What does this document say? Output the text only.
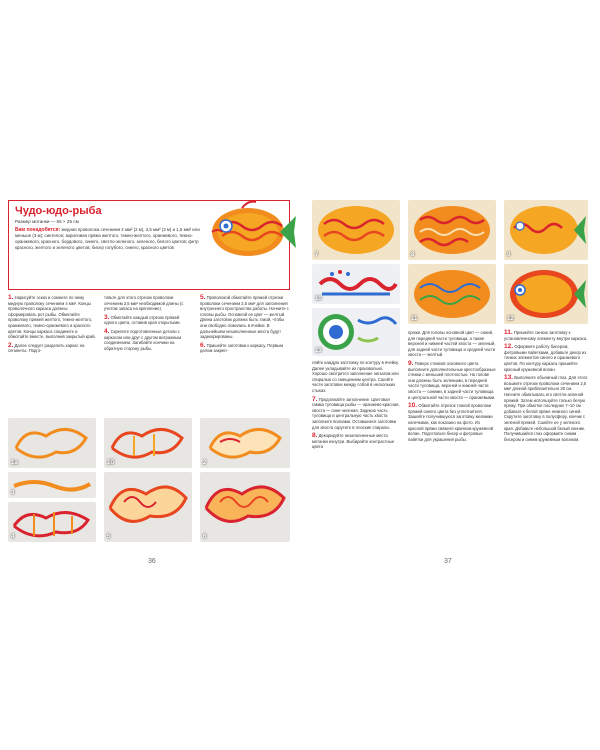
Чудо-юдо-рыба
Размер мотанки — 55 × 25 см
Вам понадобятся: медная проволока сечением 4 мм² (2 м), 2,5 мм² (3 м) и 1,5 мм² или меньше (3 м); синтепон; акриловая пряжа желтого, темно-желтого, оранжевого, темно-оранжевого, красного, бордового, синего, светло-зеленого, зеленого, белого цветов; фетр красного, желтого и зеленого цветов; бисер голубого, синего, красного цветов

1. Нарисуйте эскиз и сомните по нему медную проволоку сечением 4 мм². Концы проволочного каркаса должны сформировать рот рыбы. Обмотайте проволоку пряжей желтого, темно-желтого, оранжевого, темно-оранжевого и красного цветов. Концы каркаса соедините и обмотайте вместе, выполнив закрытый край.

2. Далее следует разделить каркас на сегменты. Подго-

товьте для этого отрезок проволоки сечением 2,5 мм² необходимой длины (с учетом запаса на крепление).

3. Обмотайте каждый отрезок пряжей одного цвета, оставив края открытыми.

4. Скрепите подготовленные детали с каркасом или друг с другом витражным соединением. Загибайте кончики на обратную сторону рыбы.

5. Проволокой обмотайте пряжей отрезки проволоки сечением 2,5 мм² для заполнения внутреннего пространства работы. Начните с головы рыбы. Основной ее цвет — желтый. Длина заготовок должна быть такой, чтобы они свободно ложились в ячейки. В дальнейшем незаполненные места будут задекорированы.

6. Пришейте заготовки к каркасу. Первым делом закреп-

1а	1б	2
3
4	5	6
36
7	8	9
10
13
11	12

ляйте каждую заготовку по контуру в ячейку. Далее укладывайте их произвольно. Хорошо смотрится заполнение зигзагом или спиралью со смещением центра. Сшейте части заготовки между собой в нескольких стыках.

7. Продолжайте заполнение. Цветовая гамма туловища рыбы — оранжево-красная, хвоста — сине-зеленая. Заднюю часть туловища и центральную часть хвоста заполните волнами. Оставшиеся заготовки для хвоста скрутите в плоские спирали.

8. Декорируйте незаполненные места мотанки изнутри. Выбирайте контрастные цвета

пряжи. Для головы основной цвет — синий, для передней части туловища, а также верхней и нижней частей хвоста — зеленый, для задней части туловища и средней части хвоста — желтый.

9. Поверх стежков основного цвета выполните дополнительные крестообразные стежки с меньшей плотностью. На голове они должны быть зелеными, в передней части туловища, верхней и нижней части хвоста — синими, в задней части туловища и центральной части хвоста — оранжевыми.

10. Обмотайте отрезок тонкой проволоки пряжей синего цвета без уплотнителя. Зашейте получившуюся заготовку мелкими колечками, как показано на фото. Из красной пряжи свяжите крючком кружевной волан. Подготовьте бисер и фетровые пайетки для украшения рыбы.

11. Пришейте синюю заготовку к установленному элементу внутри каркаса.

12. Оформите работу бисером, фетровыми пайетками, добавьте декор из тонких элементов синего и оранжевого цветов. По контуру каркаса пришейте красный кружевной волан.

13. Выполните объемный глаз. Для этого возьмите отрезок проволоки сечением 2,5 мм² длиной приблизительно 30 см. Начните обматывать его светло-зеленой пряжей. Затем используйте только белую пряжу. При обмотке последних 7–10 см добавьте к белой пряже немного синей. Скрутите заготовку в полусферу, кончик с зеленой пряжей. Сшейте ее у зеленого края. Добавьте небольшой белый конник. Получившийся глаз оформите синим бисером и синим кружевным воланом.

37
